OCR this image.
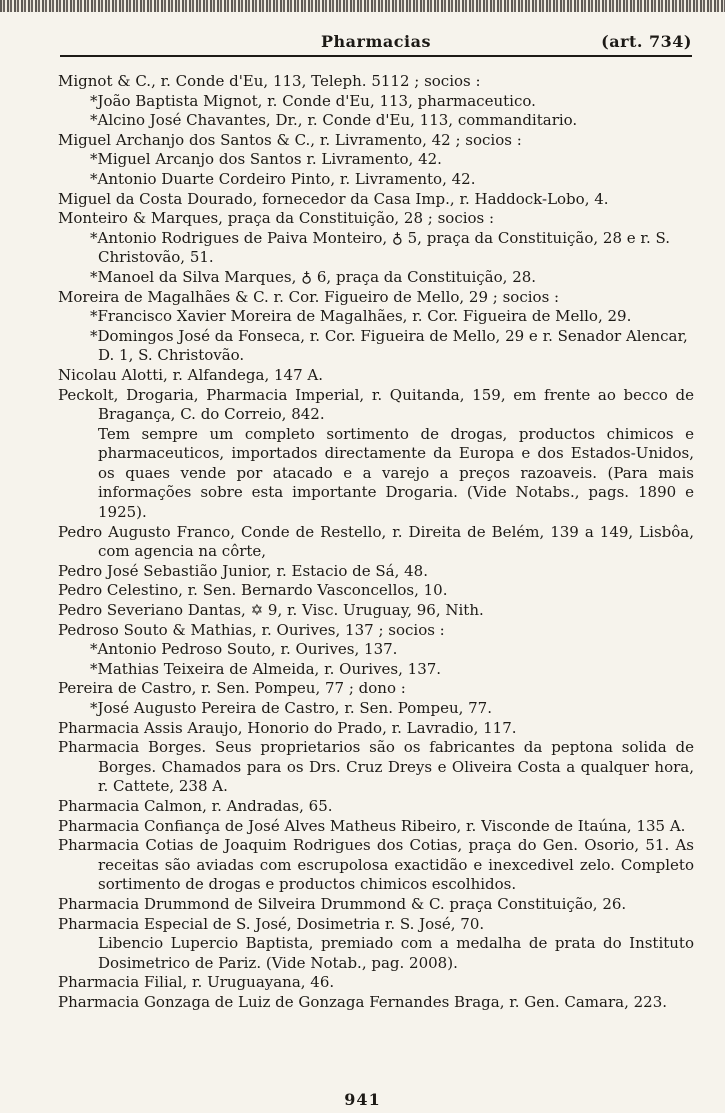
Pharmacias	(art. 734)
Mignot & C., r. Conde d'Eu, 113, Teleph. 5112 ; socios :
*João Baptista Mignot, r. Conde d'Eu, 113, pharmaceutico.
*Alcino José Chavantes, Dr., r. Conde d'Eu, 113, commanditario.
Miguel Archanjo dos Santos & C., r. Livramento, 42 ; socios :
*Miguel Arcanjo dos Santos r. Livramento, 42.
*Antonio Duarte Cordeiro Pinto, r. Livramento, 42.
Miguel da Costa Dourado, fornecedor da Casa Imp., r. Haddock-Lobo, 4.
Monteiro & Marques, praça da Constituição, 28 ; socios :
*Antonio Rodrigues de Paiva Monteiro, ♁ 5, praça da Constituição, 28 e r. S. Christovão, 51.
*Manoel da Silva Marques, ♁ 6, praça da Constituição, 28.
Moreira de Magalhães & C. r. Cor. Figueiro de Mello, 29 ; socios :
*Francisco Xavier Moreira de Magalhães, r. Cor. Figueira de Mello, 29.
*Domingos José da Fonseca, r. Cor. Figueira de Mello, 29 e r. Senador Alencar, D. 1, S. Christovão.
Nicolau Alotti, r. Alfandega, 147 A.
Peckolt, Drogaria, Pharmacia Imperial, r. Quitanda, 159, em frente ao becco de Bragança, C. do Correio, 842.
Tem sempre um completo sortimento de drogas, productos chimicos e pharmaceuticos, importados directamente da Europa e dos Estados-Unidos, os quaes vende por atacado e a varejo a preços razoaveis. (Para mais informações sobre esta importante Drogaria. (Vide Notabs., pags. 1890 e 1925).
Pedro Augusto Franco, Conde de Restello, r. Direita de Belém, 139 a 149, Lisbôa, com agencia na côrte,
Pedro José Sebastião Junior, r. Estacio de Sá, 48.
Pedro Celestino, r. Sen. Bernardo Vasconcellos, 10.
Pedro Severiano Dantas, ✡ 9, r. Visc. Uruguay, 96, Nith.
Pedroso Souto & Mathias, r. Ourives, 137 ; socios :
*Antonio Pedroso Souto, r. Ourives, 137.
*Mathias Teixeira de Almeida, r. Ourives, 137.
Pereira de Castro, r. Sen. Pompeu, 77 ; dono :
*José Augusto Pereira de Castro, r. Sen. Pompeu, 77.
Pharmacia Assis Araujo, Honorio do Prado, r. Lavradio, 117.
Pharmacia Borges. Seus proprietarios são os fabricantes da peptona solida de Borges. Chamados para os Drs. Cruz Dreys e Oliveira Costa a qualquer hora, r. Cattete, 238 A.
Pharmacia Calmon, r. Andradas, 65.
Pharmacia Confiança de José Alves Matheus Ribeiro, r. Visconde de Itaúna, 135 A.
Pharmacia Cotias de Joaquim Rodrigues dos Cotias, praça do Gen. Osorio, 51. As receitas são aviadas com escrupolosa exactidão e inexcedivel zelo. Completo sortimento de drogas e productos chimicos escolhidos.
Pharmacia Drummond de Silveira Drummond & C. praça Constituição, 26.
Pharmacia Especial de S. José, Dosimetria r. S. José, 70.
Libencio Lupercio Baptista, premiado com a medalha de prata do Instituto Dosimetrico de Pariz. (Vide Notab., pag. 2008).
Pharmacia Filial, r. Uruguayana, 46.
Pharmacia Gonzaga de Luiz de Gonzaga Fernandes Braga, r. Gen. Camara, 223.
941
